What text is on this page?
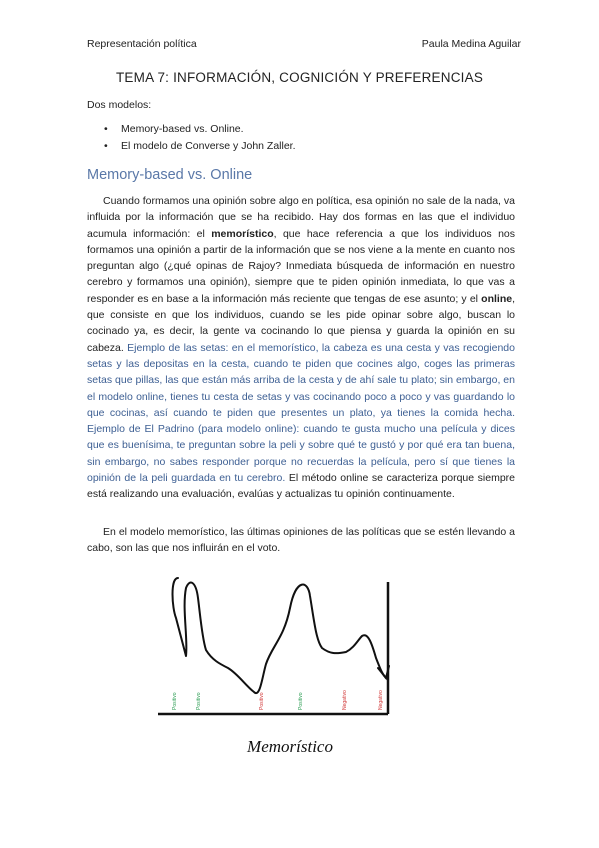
Representación política	Paula Medina Aguilar
TEMA 7: INFORMACIÓN, COGNICIÓN Y PREFERENCIAS
Dos modelos:
• Memory-based vs. Online.
• El modelo de Converse y John Zaller.
Memory-based vs. Online

Cuando formamos una opinión sobre algo en política, esa opinión no sale de la nada, va influida por la información que se ha recibido. Hay dos formas en las que el individuo acumula información: el memorístico, que hace referencia a que los individuos nos formamos una opinión a partir de la información que se nos viene a la mente en cuanto nos preguntan algo (¿qué opinas de Rajoy? Inmediata búsqueda de información en nuestro cerebro y formamos una opinión), siempre que te piden opinión inmediata, lo que vas a responder es en base a la información más reciente que tengas de ese asunto; y el online, que consiste en que los individuos, cuando se les pide opinar sobre algo, buscan lo cocinado ya, es decir, la gente va cocinando lo que piensa y guarda la opinión en su cabeza. Ejemplo de las setas: en el memorístico, la cabeza es una cesta y vas recogiendo setas y las depositas en la cesta, cuando te piden que cocines algo, coges las primeras setas que pillas, las que están más arriba de la cesta y de ahí sale tu plato; sin embargo, en el modelo online, tienes tu cesta de setas y vas cocinando poco a poco y vas guardando lo que cocinas, así cuando te piden que presentes un plato, ya tienes la comida hecha. Ejemplo de El Padrino (para modelo online): cuando te gusta mucho una película y dices que es buenísima, te preguntan sobre la peli y sobre qué te gustó y por qué era tan buena, sin embargo, no sabes responder porque no recuerdas la película, pero sí que tienes la opinión de la peli guardada en tu cerebro. El método online se caracteriza porque siempre está realizando una evaluación, evalúas y actualizas tu opinión continuamente.

En el modelo memorístico, las últimas opiniones de las políticas que se estén llevando a cabo, son las que nos influirán en el voto.

Positivo	Positivo	Positivo	Positivo	Negativo	Negativo
Memorístico
